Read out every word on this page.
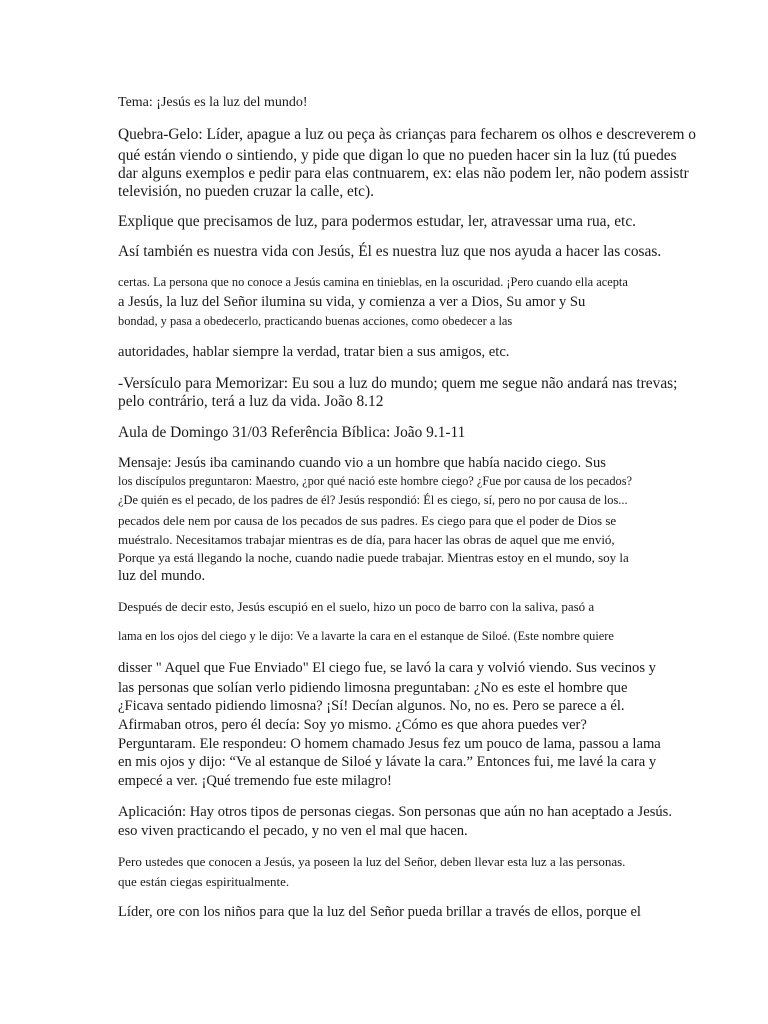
Tema: ¡Jesús es la luz del mundo!
Quebra-Gelo: Líder, apague a luz ou peça às crianças para fecharem os olhos e descreverem o
qué están viendo o sintiendo, y pide que digan lo que no pueden hacer sin la luz (tú puedes
dar alguns exemplos e pedir para elas contnuarem, ex: elas não podem ler, não podem assistr
televisión, no pueden cruzar la calle, etc).
Explique que precisamos de luz, para podermos estudar, ler, atravessar uma rua, etc.
Así también es nuestra vida con Jesús, Él es nuestra luz que nos ayuda a hacer las cosas.
certas. La persona que no conoce a Jesús camina en tinieblas, en la oscuridad. ¡Pero cuando ella acepta
a Jesús, la luz del Señor ilumina su vida, y comienza a ver a Dios, Su amor y Su
bondad, y pasa a obedecerlo, practicando buenas acciones, como obedecer a las
autoridades, hablar siempre la verdad, tratar bien a sus amigos, etc.
-Versículo para Memorizar: Eu sou a luz do mundo; quem me segue não andará nas trevas;
pelo contrário, terá a luz da vida. João 8.12
Aula de Domingo 31/03 Referência Bíblica: João 9.1-11
Mensaje: Jesús iba caminando cuando vio a un hombre que había nacido ciego. Sus
los discípulos preguntaron: Maestro, ¿por qué nació este hombre ciego? ¿Fue por causa de los pecados?
¿De quién es el pecado, de los padres de él? Jesús respondió: Él es ciego, sí, pero no por causa de los...
pecados dele nem por causa de los pecados de sus padres. Es ciego para que el poder de Dios se
muéstralo. Necesitamos trabajar mientras es de día, para hacer las obras de aquel que me envió,
Porque ya está llegando la noche, cuando nadie puede trabajar. Mientras estoy en el mundo, soy la
luz del mundo.
Después de decir esto, Jesús escupió en el suelo, hizo un poco de barro con la saliva, pasó a
lama en los ojos del ciego y le dijo: Ve a lavarte la cara en el estanque de Siloé. (Este nombre quiere
disser " Aquel que Fue Enviado" El ciego fue, se lavó la cara y volvió viendo. Sus vecinos y
las personas que solían verlo pidiendo limosna preguntaban: ¿No es este el hombre que
¿Ficava sentado pidiendo limosna? ¡Sí! Decían algunos. No, no es. Pero se parece a él.
Afirmaban otros, pero él decía: Soy yo mismo. ¿Cómo es que ahora puedes ver?
Perguntaram. Ele respondeu: O homem chamado Jesus fez um pouco de lama, passou a lama
en mis ojos y dijo: “Ve al estanque de Siloé y lávate la cara.” Entonces fui, me lavé la cara y
empecé a ver. ¡Qué tremendo fue este milagro!
Aplicación: Hay otros tipos de personas ciegas. Son personas que aún no han aceptado a Jesús.
eso viven practicando el pecado, y no ven el mal que hacen.
Pero ustedes que conocen a Jesús, ya poseen la luz del Señor, deben llevar esta luz a las personas.
que están ciegas espiritualmente.
Líder, ore con los niños para que la luz del Señor pueda brillar a través de ellos, porque el
